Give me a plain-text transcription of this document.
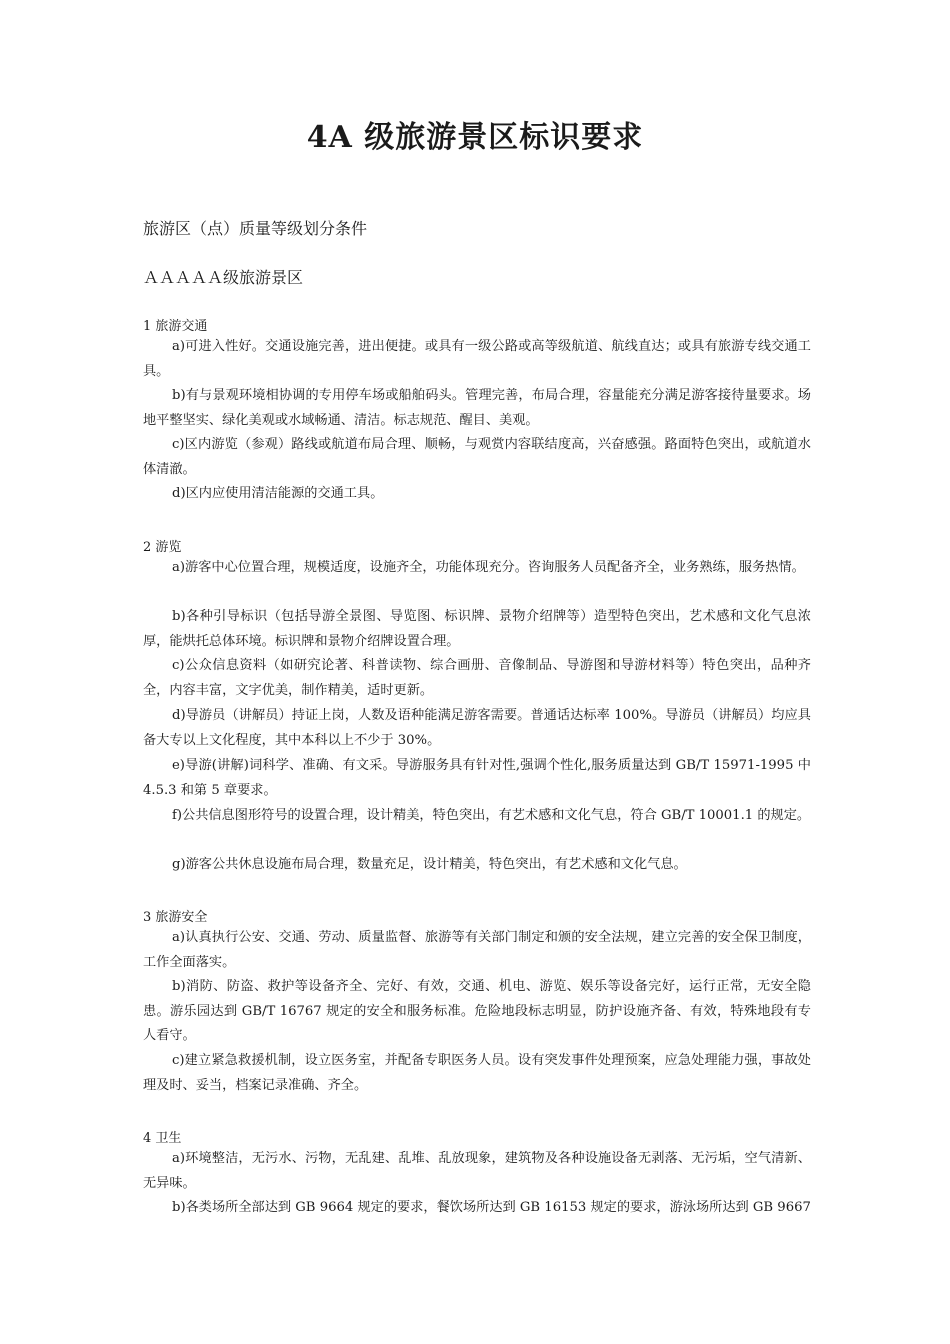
4A 级旅游景区标识要求
旅游区（点）质量等级划分条件
ＡＡＡＡＡ级旅游景区
1 旅游交通

a)可进入性好。交通设施完善，进出便捷。或具有一级公路或高等级航道、航线直达；或具有旅游专线交通工具。

b)有与景观环境相协调的专用停车场或船舶码头。管理完善，布局合理，容量能充分满足游客接待量要求。场地平整坚实、绿化美观或水域畅通、清洁。标志规范、醒目、美观。

c)区内游览（参观）路线或航道布局合理、顺畅，与观赏内容联结度高，兴奋感强。路面特色突出，或航道水体清澈。

d)区内应使用清洁能源的交通工具。

2 游览

a)游客中心位置合理，规模适度，设施齐全，功能体现充分。咨询服务人员配备齐全，业务熟练，服务热情。

b)各种引导标识（包括导游全景图、导览图、标识牌、景物介绍牌等）造型特色突出，艺术感和文化气息浓厚，能烘托总体环境。标识牌和景物介绍牌设置合理。

c)公众信息资料（如研究论著、科普读物、综合画册、音像制品、导游图和导游材料等）特色突出，品种齐全，内容丰富，文字优美，制作精美，适时更新。

d)导游员（讲解员）持证上岗，人数及语种能满足游客需要。普通话达标率 100%。导游员（讲解员）均应具备大专以上文化程度，其中本科以上不少于 30%。

e)导游(讲解)词科学、准确、有文采。导游服务具有针对性,强调个性化,服务质量达到 GB/T 15971-1995 中 4.5.3 和第 5 章要求。

f)公共信息图形符号的设置合理，设计精美，特色突出，有艺术感和文化气息，符合 GB/T 10001.1 的规定。

g)游客公共休息设施布局合理，数量充足，设计精美，特色突出，有艺术感和文化气息。

3 旅游安全

a)认真执行公安、交通、劳动、质量监督、旅游等有关部门制定和颁的安全法规，建立完善的安全保卫制度，工作全面落实。

b)消防、防盗、救护等设备齐全、完好、有效，交通、机电、游览、娱乐等设备完好，运行正常，无安全隐患。游乐园达到 GB/T 16767 规定的安全和服务标准。危险地段标志明显，防护设施齐备、有效，特殊地段有专人看守。

c)建立紧急救援机制，设立医务室，并配备专职医务人员。设有突发事件处理预案，应急处理能力强，事故处理及时、妥当，档案记录准确、齐全。

4 卫生

a)环境整洁，无污水、污物，无乱建、乱堆、乱放现象，建筑物及各种设施设备无剥落、无污垢，空气清新、无异味。

b)各类场所全部达到 GB 9664 规定的要求，餐饮场所达到 GB 16153 规定的要求，游泳场所达到 GB 9667
